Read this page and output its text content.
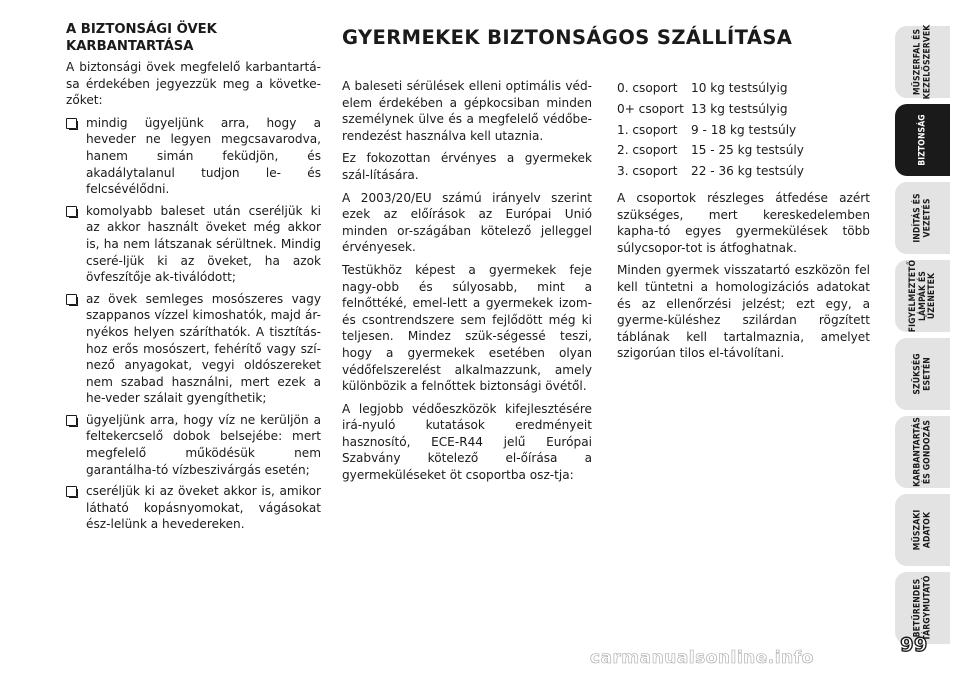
A BIZTONSÁGI ÖVEK KARBANTARTÁSA

A biztonsági övek megfelelő karbantartá-sa érdekében jegyezzük meg a követke-zőket:

mindig ügyeljünk arra, hogy a heveder ne legyen megcsavarodva, hanem simán feküdjön, és akadálytalanul tudjon le- és felcsévélődni.
komolyabb baleset után cseréljük ki az akkor használt öveket még akkor is, ha nem látszanak sérültnek. Mindig cseré-ljük ki az öveket, ha azok övfeszítője ak-tiválódott;
az övek semleges mosószeres vagy szappanos vízzel kimoshatók, majd ár-nyékos helyen száríthatók. A tisztítás-hoz erős mosószert, fehérítő vagy szí-nező anyagokat, vegyi oldószereket nem szabad használni, mert ezek a he-veder szálait gyengíthetik;
ügyeljünk arra, hogy víz ne kerüljön a feltekercselő dobok belsejébe: mert megfelelő működésük nem garantálha-tó vízbeszivárgás esetén;
cseréljük ki az öveket akkor is, amikor látható kopásnyomokat, vágásokat ész-lelünk a hevedereken.
GYERMEKEK BIZTONSÁGOS SZÁLLÍTÁSA

A baleseti sérülések elleni optimális véd-elem érdekében a gépkocsiban minden személynek ülve és a megfelelő védőbe-rendezést használva kell utaznia.

Ez fokozottan érvényes a gyermekek szál-lítására.

A 2003/20/EU számú irányelv szerint ezek az előírások az Európai Unió minden or-szágában kötelező jelleggel érvényesek.

Testükhöz képest a gyermekek feje nagy-obb és súlyosabb, mint a felnőttéké, emel-lett a gyermekek izom- és csontrendszere sem fejlődött még ki teljesen. Mindez szük-ségessé teszi, hogy a gyermekek esetében olyan védőfelszerelést alkalmazzunk, amely különbözik a felnőttek biztonsági övétől.

A legjobb védőeszközök kifejlesztésére irá-nyuló kutatások eredményeit hasznosító, ECE-R44 jelű Európai Szabvány kötelező el-őírása a gyermeküléseket öt csoportba osz-tja:

0. csoport	10 kg testsúlyig
0+ csoport 13 kg testsúlyig
1. csoport	9 - 18 kg testsúly
2. csoport	15 - 25 kg testsúly
3. csoport	22 - 36 kg testsúly

A csoportok részleges átfedése azért szükséges, mert kereskedelemben kapha-tó egyes gyermekülések több súlycsopor-tot is átfoghatnak.

Minden gyermek visszatartó eszközön fel kell tüntetni a homologizációs adatokat és az ellenőrzési jelzést; ezt egy, a gyerme-küléshez szilárdan rögzített táblának kell tartalmaznia, amelyet szigorúan tilos el-távolítani.

MŰSZERFAL ÉS
KEZELŐSZERVEK
BIZTONSÁG
INDÍTÁS ÉS
VEZETÉS
FIGYELMEZTETŐ
LÁMPÁK ÉS
ÜZENETEK
SZÜKSÉG
ESETÉN
KARBANTARTÁS
ÉS GONDOZÁS
MŰSZAKI
ADATOK
BETŰRENDES
TÁRGYMUTATÓ
99
carmanualsonline.info
